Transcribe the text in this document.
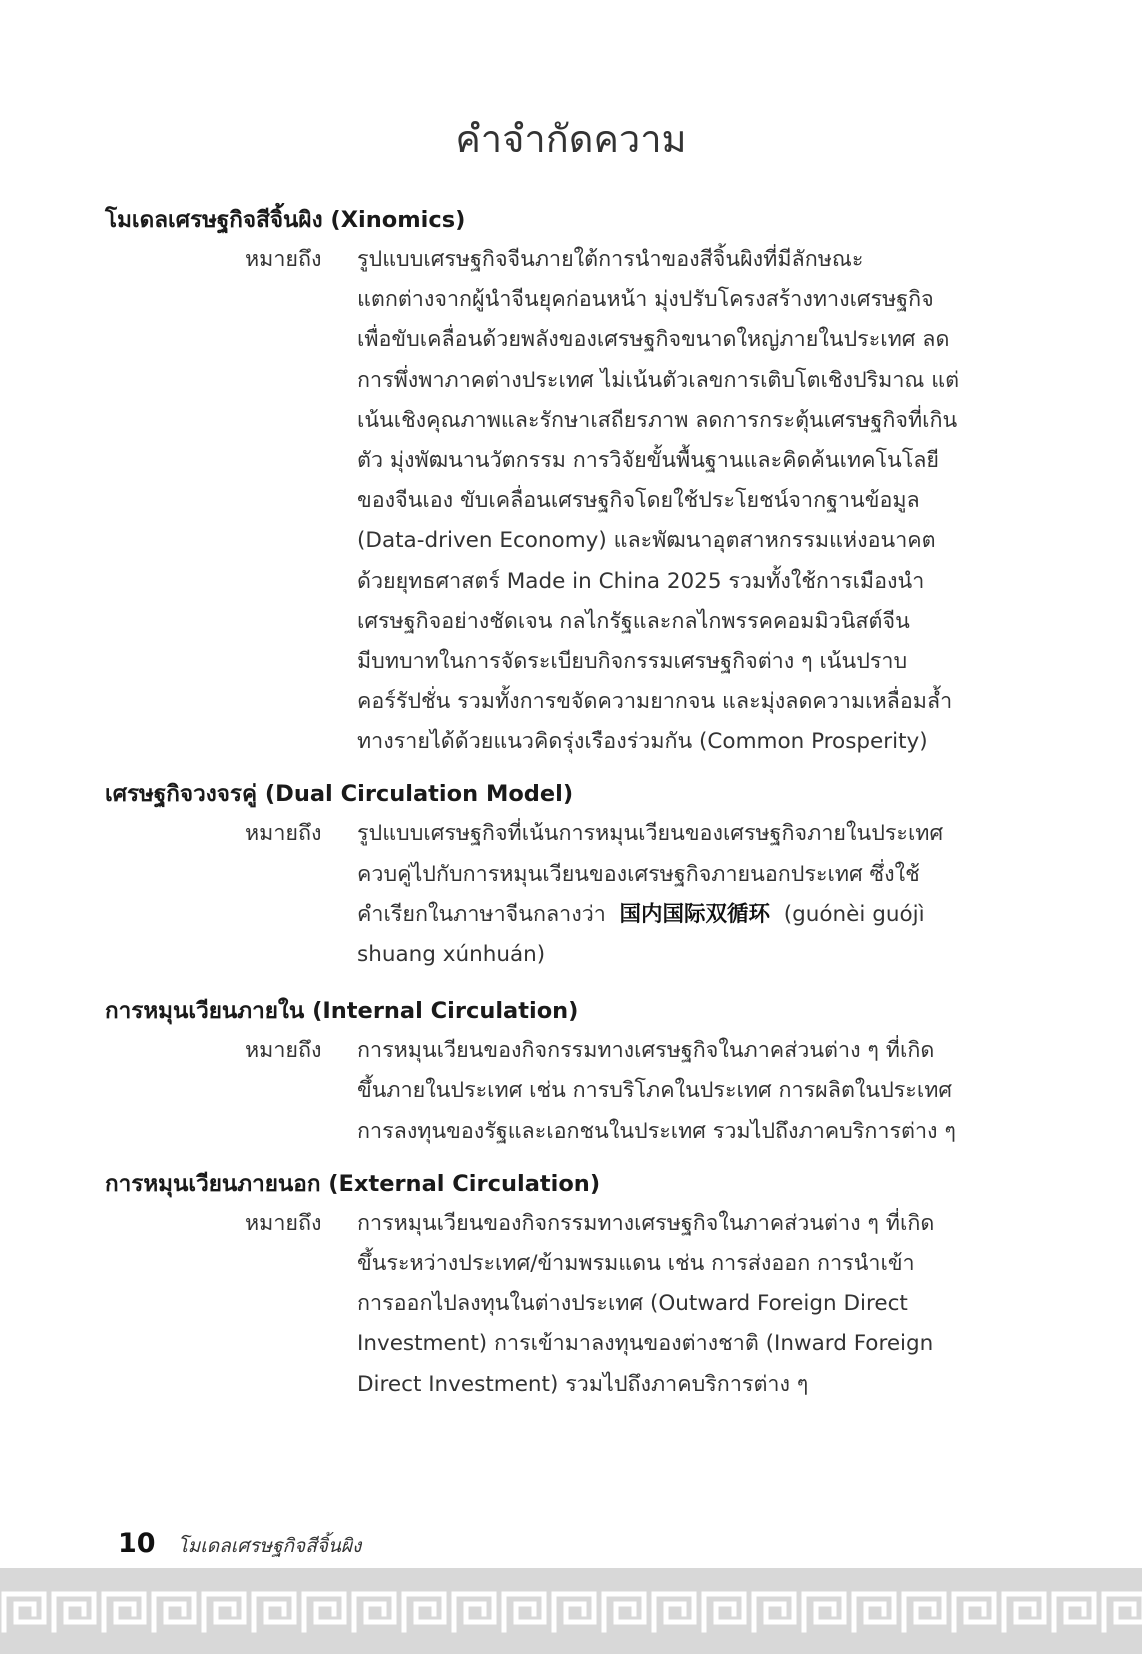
คำจำกัดความ

โมเดลเศรษฐกิจสีจิ้นผิง (Xinomics)

หมายถึง	รูปแบบเศรษฐกิจจีนภายใต้การนำของสีจิ้นผิงที่มีลักษณะ
แตกต่างจากผู้นำจีนยุคก่อนหน้า มุ่งปรับโครงสร้างทางเศรษฐกิจ
เพื่อขับเคลื่อนด้วยพลังของเศรษฐกิจขนาดใหญ่ภายในประเทศ ลด
การพึ่งพาภาคต่างประเทศ ไม่เน้นตัวเลขการเติบโตเชิงปริมาณ แต่
เน้นเชิงคุณภาพและรักษาเสถียรภาพ ลดการกระตุ้นเศรษฐกิจที่เกิน
ตัว มุ่งพัฒนานวัตกรรม การวิจัยขั้นพื้นฐานและคิดค้นเทคโนโลยี
ของจีนเอง ขับเคลื่อนเศรษฐกิจโดยใช้ประโยชน์จากฐานข้อมูล
(Data-driven Economy) และพัฒนาอุตสาหกรรมแห่งอนาคต
ด้วยยุทธศาสตร์ Made in China 2025 รวมทั้งใช้การเมืองนำ
เศรษฐกิจอย่างชัดเจน กลไกรัฐและกลไกพรรคคอมมิวนิสต์จีน
มีบทบาทในการจัดระเบียบกิจกรรมเศรษฐกิจต่าง ๆ เน้นปราบ
คอร์รัปชั่น รวมทั้งการขจัดความยากจน และมุ่งลดความเหลื่อมล้ำ
ทางรายได้ด้วยแนวคิดรุ่งเรืองร่วมกัน (Common Prosperity)

เศรษฐกิจวงจรคู่ (Dual Circulation Model)

หมายถึง	รูปแบบเศรษฐกิจที่เน้นการหมุนเวียนของเศรษฐกิจภายในประเทศ
ควบคู่ไปกับการหมุนเวียนของเศรษฐกิจภายนอกประเทศ ซึ่งใช้
คำเรียกในภาษาจีนกลางว่า 国内国际双循环 (guónèi guójì
shuang xúnhuán)

การหมุนเวียนภายใน (Internal Circulation)

หมายถึง	การหมุนเวียนของกิจกรรมทางเศรษฐกิจในภาคส่วนต่าง ๆ ที่เกิด
ขึ้นภายในประเทศ เช่น การบริโภคในประเทศ การผลิตในประเทศ
การลงทุนของรัฐและเอกชนในประเทศ รวมไปถึงภาคบริการต่าง ๆ

การหมุนเวียนภายนอก (External Circulation)

หมายถึง	การหมุนเวียนของกิจกรรมทางเศรษฐกิจในภาคส่วนต่าง ๆ ที่เกิด
ขึ้นระหว่างประเทศ/ข้ามพรมแดน เช่น การส่งออก การนำเข้า
การออกไปลงทุนในต่างประเทศ (Outward Foreign Direct
Investment) การเข้ามาลงทุนของต่างชาติ (Inward Foreign
Direct Investment) รวมไปถึงภาคบริการต่าง ๆ
10 โมเดลเศรษฐกิจสีจิ้นผิง
